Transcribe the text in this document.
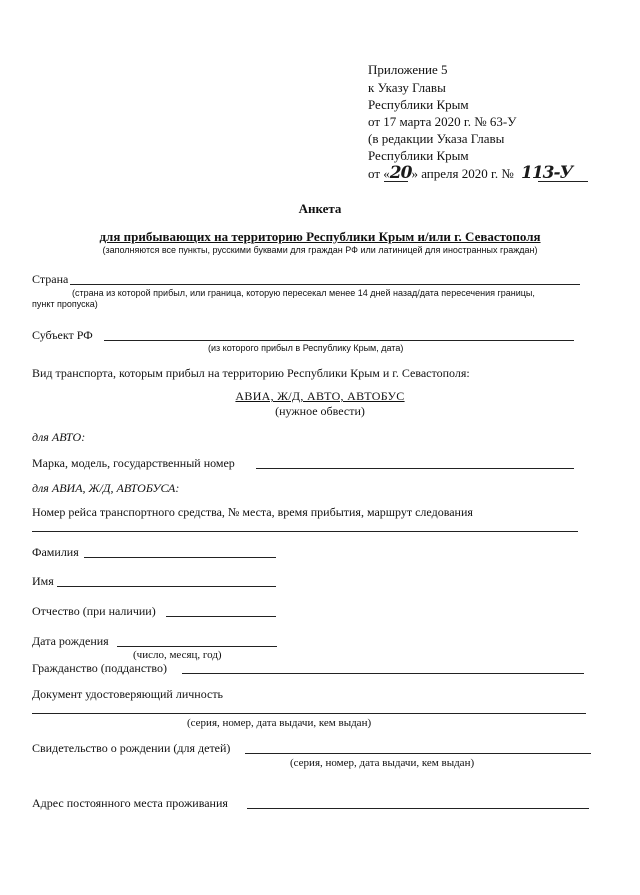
Приложение 5
к Указу Главы
Республики Крым
от 17 марта 2020 г. № 63-У
(в редакции Указа Главы
Республики Крым
от «20» апреля 2020 г. № 113-У
Анкета
для прибывающих на территорию Республики Крым и/или г. Севастополя
(заполняются все пункты, русскими буквами для граждан РФ или латиницей для иностранных граждан)
Страна
(страна из которой прибыл, или граница, которую пересекал менее 14 дней назад/дата пересечения границы,
пункт пропуска)
Субъект РФ
(из которого прибыл в Республику Крым, дата)
Вид транспорта, которым прибыл на территорию Республики Крым и г. Севастополя:
АВИА, Ж/Д, АВТО, АВТОБУС
(нужное обвести)
для АВТО:
Марка, модель, государственный номер
для АВИА, Ж/Д, АВТОБУСА:
Номер рейса транспортного средства, № места, время прибытия, маршрут следования
Фамилия
Имя
Отчество (при наличии)
Дата рождения
(число, месяц, год)
Гражданство (подданство)
Документ удостоверяющий личность
(серия, номер, дата выдачи, кем выдан)
Свидетельство о рождении (для детей)
(серия, номер, дата выдачи, кем выдан)
Адрес постоянного места проживания
